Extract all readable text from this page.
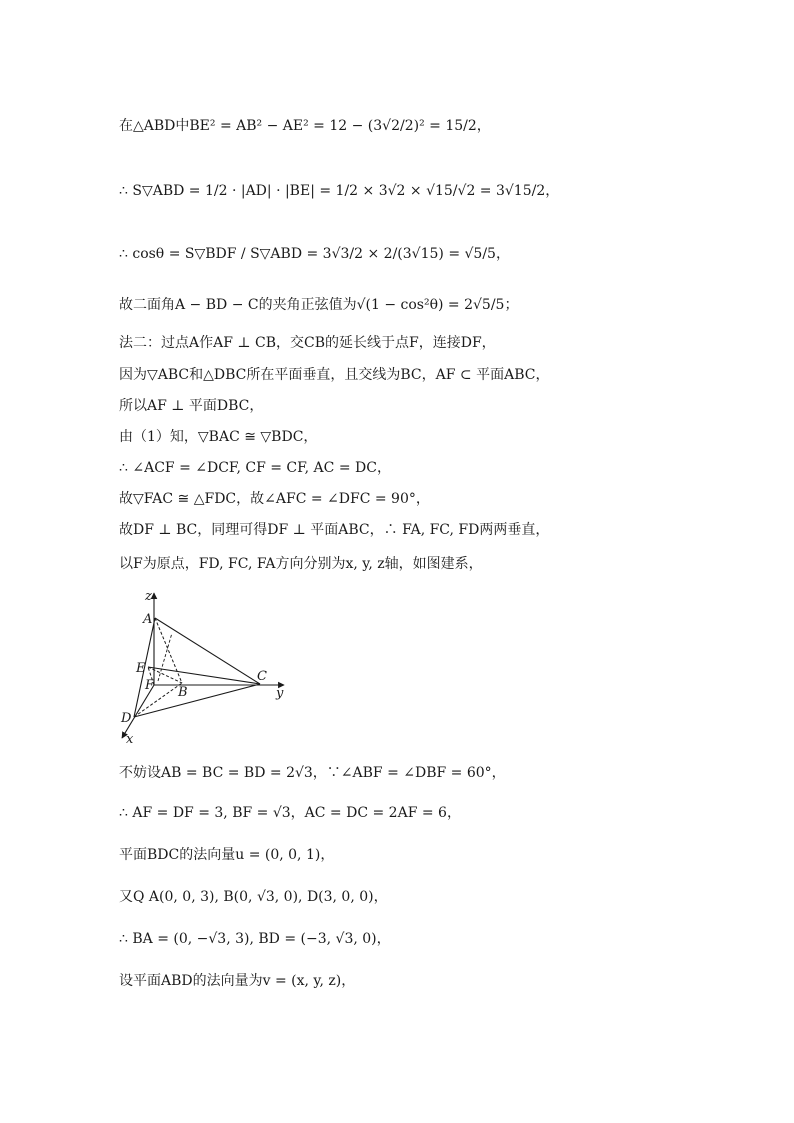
在△ABD中BE² = AB² − AE² = 12 − (3√2/2)² = 15/2，
∴ S▽ABD = 1/2 · |AD| · |BE| = 1/2 × 3√2 × √15/√2 = 3√15/2，
∴ cosθ = S▽BDF / S▽ABD = 3√3/2 × 2/(3√15) = √5/5，
故二面角A − BD − C的夹角正弦值为√(1 − cos²θ) = 2√5/5；
法二：过点A作AF ⊥ CB，交CB的延长线于点F，连接DF，
因为▽ABC和△DBC所在平面垂直，且交线为BC，AF ⊂ 平面ABC，
所以AF ⊥ 平面DBC，
由（1）知，▽BAC ≅ ▽BDC，
∴ ∠ACF = ∠DCF, CF = CF, AC = DC，
故▽FAC ≅ △FDC，故∠AFC = ∠DFC = 90°，
故DF ⊥ BC，同理可得DF ⊥ 平面ABC，∴ FA, FC, FD两两垂直，
以F为原点，FD, FC, FA方向分别为x, y, z轴，如图建系，
z
A
E
F B
C
y
D
x
不妨设AB = BC = BD = 2√3，∵∠ABF = ∠DBF = 60°，
∴ AF = DF = 3, BF = √3，AC = DC = 2AF = 6，
平面BDC的法向量u = (0, 0, 1)，
又Q A(0, 0, 3), B(0, √3, 0), D(3, 0, 0)，
∴ BA = (0, −√3, 3), BD = (−3, √3, 0)，
设平面ABD的法向量为v = (x, y, z)，
